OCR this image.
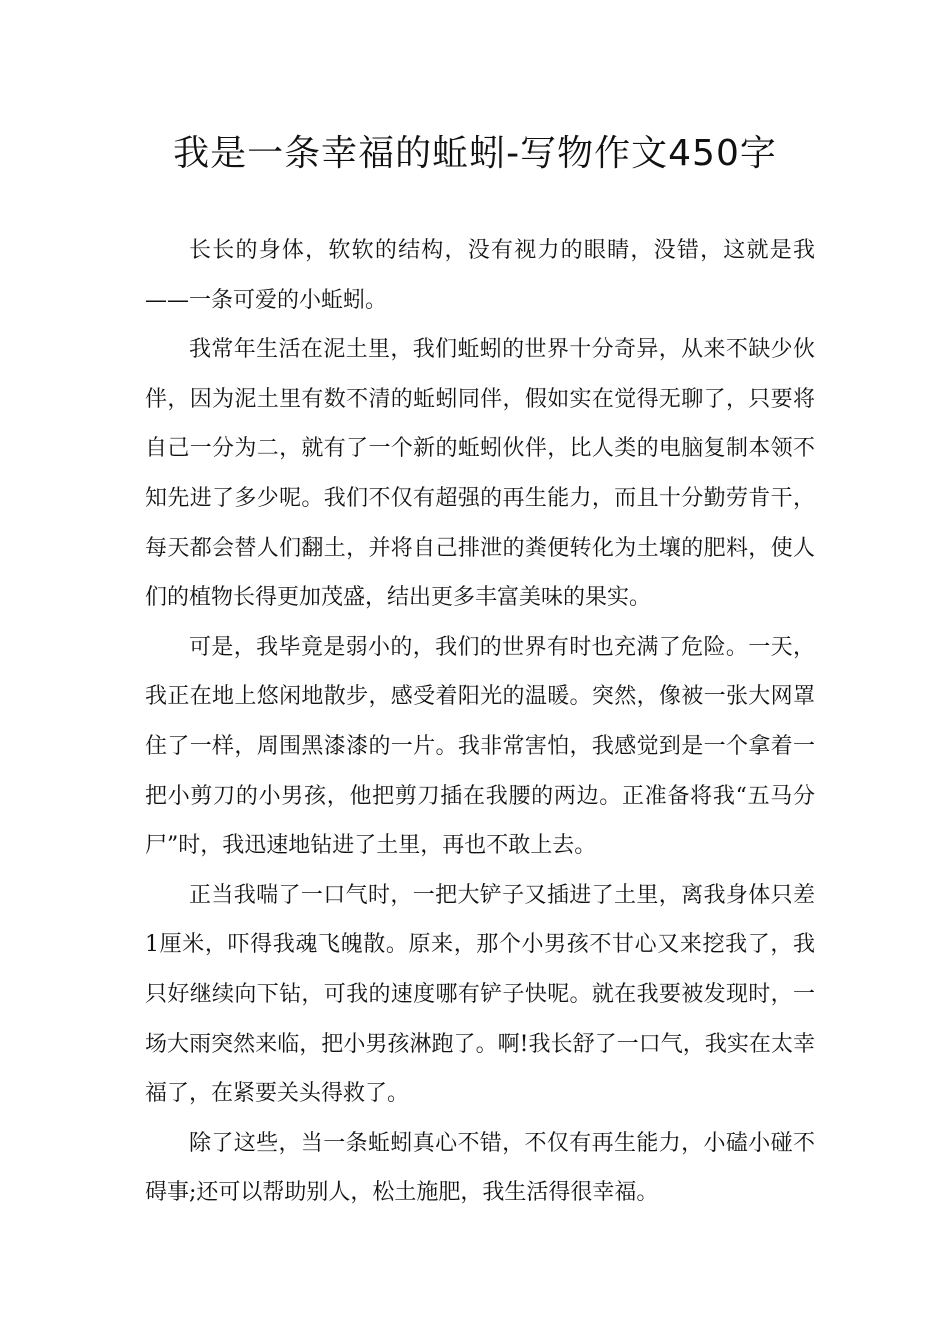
我是一条幸福的蚯蚓-写物作文450字

长长的身体，软软的结构，没有视力的眼睛，没错，这就是我——一条可爱的小蚯蚓。

我常年生活在泥土里，我们蚯蚓的世界十分奇异，从来不缺少伙伴，因为泥土里有数不清的蚯蚓同伴，假如实在觉得无聊了，只要将自己一分为二，就有了一个新的蚯蚓伙伴，比人类的电脑复制本领不知先进了多少呢。我们不仅有超强的再生能力，而且十分勤劳肯干，每天都会替人们翻土，并将自己排泄的粪便转化为土壤的肥料，使人们的植物长得更加茂盛，结出更多丰富美味的果实。

可是，我毕竟是弱小的，我们的世界有时也充满了危险。一天，我正在地上悠闲地散步，感受着阳光的温暖。突然，像被一张大网罩住了一样，周围黑漆漆的一片。我非常害怕，我感觉到是一个拿着一把小剪刀的小男孩，他把剪刀插在我腰的两边。正准备将我“五马分尸”时，我迅速地钻进了土里，再也不敢上去。

正当我喘了一口气时，一把大铲子又插进了土里，离我身体只差1厘米，吓得我魂飞魄散。原来，那个小男孩不甘心又来挖我了，我只好继续向下钻，可我的速度哪有铲子快呢。就在我要被发现时，一场大雨突然来临，把小男孩淋跑了。啊!我长舒了一口气，我实在太幸福了，在紧要关头得救了。

除了这些，当一条蚯蚓真心不错，不仅有再生能力，小磕小碰不碍事;还可以帮助别人，松土施肥，我生活得很幸福。
